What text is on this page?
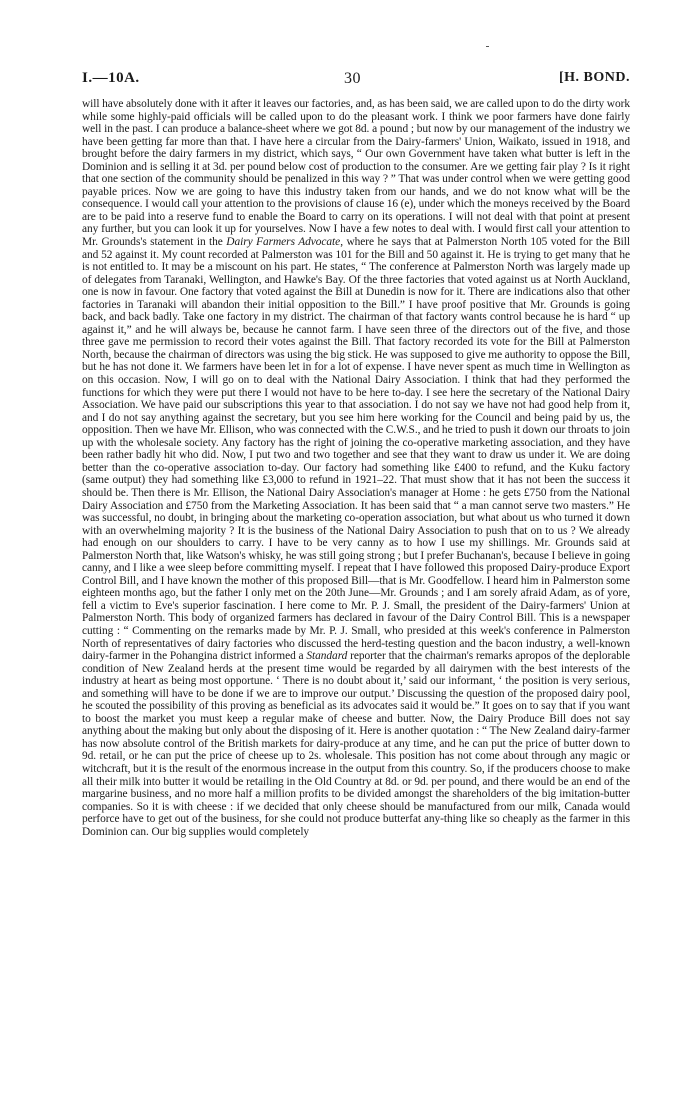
I.—10A.	30	[H. BOND.

will have absolutely done with it after it leaves our factories, and, as has been said, we are called upon to do the dirty work while some highly-paid officials will be called upon to do the pleasant work. I think we poor farmers have done fairly well in the past. I can produce a balance-sheet where we got 8d. a pound ; but now by our management of the industry we have been getting far more than that. I have here a circular from the Dairy-farmers' Union, Waikato, issued in 1918, and brought before the dairy farmers in my district, which says, “ Our own Government have taken what butter is left in the Dominion and is selling it at 3d. per pound below cost of production to the consumer. Are we getting fair play ? Is it right that one section of the community should be penalized in this way ? ” That was under control when we were getting good payable prices. Now we are going to have this industry taken from our hands, and we do not know what will be the consequence. I would call your attention to the provisions of clause 16 (e), under which the moneys received by the Board are to be paid into a reserve fund to enable the Board to carry on its operations. I will not deal with that point at present any further, but you can look it up for yourselves. Now I have a few notes to deal with. I would first call your attention to Mr. Grounds's statement in the Dairy Farmers Advocate, where he says that at Palmerston North 105 voted for the Bill and 52 against it. My count recorded at Palmerston was 101 for the Bill and 50 against it. He is trying to get many that he is not entitled to. It may be a miscount on his part. He states, “ The conference at Palmerston North was largely made up of delegates from Taranaki, Wellington, and Hawke's Bay. Of the three factories that voted against us at North Auckland, one is now in favour. One factory that voted against the Bill at Dunedin is now for it. There are indications also that other factories in Taranaki will abandon their initial opposition to the Bill.” I have proof positive that Mr. Grounds is going back, and back badly. Take one factory in my district. The chairman of that factory wants control because he is hard “ up against it,” and he will always be, because he cannot farm. I have seen three of the directors out of the five, and those three gave me permission to record their votes against the Bill. That factory recorded its vote for the Bill at Palmerston North, because the chairman of directors was using the big stick. He was supposed to give me authority to oppose the Bill, but he has not done it. We farmers have been let in for a lot of expense. I have never spent as much time in Wellington as on this occasion. Now, I will go on to deal with the National Dairy Association. I think that had they performed the functions for which they were put there I would not have to be here to-day. I see here the secretary of the National Dairy Association. We have paid our subscriptions this year to that association. I do not say we have not had good help from it, and I do not say anything against the secretary, but you see him here working for the Council and being paid by us, the opposition. Then we have Mr. Ellison, who was connected with the C.W.S., and he tried to push it down our throats to join up with the wholesale society. Any factory has the right of joining the co-operative marketing association, and they have been rather badly hit who did. Now, I put two and two together and see that they want to draw us under it. We are doing better than the co-operative association to-day. Our factory had something like £400 to refund, and the Kuku factory (same output) they had something like £3,000 to refund in 1921–22. That must show that it has not been the success it should be. Then there is Mr. Ellison, the National Dairy Association's manager at Home : he gets £750 from the National Dairy Association and £750 from the Marketing Association. It has been said that “ a man cannot serve two masters.” He was successful, no doubt, in bringing about the marketing co-operation association, but what about us who turned it down with an overwhelming majority ? It is the business of the National Dairy Association to push that on to us ? We already had enough on our shoulders to carry. I have to be very canny as to how I use my shillings. Mr. Grounds said at Palmerston North that, like Watson's whisky, he was still going strong ; but I prefer Buchanan's, because I believe in going canny, and I like a wee sleep before committing myself. I repeat that I have followed this proposed Dairy-produce Export Control Bill, and I have known the mother of this proposed Bill—that is Mr. Goodfellow. I heard him in Palmerston some eighteen months ago, but the father I only met on the 20th June—Mr. Grounds ; and I am sorely afraid Adam, as of yore, fell a victim to Eve's superior fascination. I here come to Mr. P. J. Small, the president of the Dairy-farmers' Union at Palmerston North. This body of organized farmers has declared in favour of the Dairy Control Bill. This is a newspaper cutting : “ Commenting on the remarks made by Mr. P. J. Small, who presided at this week's conference in Palmerston North of representatives of dairy factories who discussed the herd-testing question and the bacon industry, a well-known dairy-farmer in the Pohangina district informed a Standard reporter that the chairman's remarks apropos of the deplorable condition of New Zealand herds at the present time would be regarded by all dairymen with the best interests of the industry at heart as being most opportune. ‘ There is no doubt about it,’ said our informant, ‘ the position is very serious, and something will have to be done if we are to improve our output.’ Discussing the question of the proposed dairy pool, he scouted the possibility of this proving as beneficial as its advocates said it would be.” It goes on to say that if you want to boost the market you must keep a regular make of cheese and butter. Now, the Dairy Produce Bill does not say anything about the making but only about the disposing of it. Here is another quotation : “ The New Zealand dairy-farmer has now absolute control of the British markets for dairy-produce at any time, and he can put the price of butter down to 9d. retail, or he can put the price of cheese up to 2s. wholesale. This position has not come about through any magic or witchcraft, but it is the result of the enormous increase in the output from this country. So, if the producers choose to make all their milk into butter it would be retailing in the Old Country at 8d. or 9d. per pound, and there would be an end of the margarine business, and no more half a million profits to be divided amongst the shareholders of the big imitation-butter companies. So it is with cheese : if we decided that only cheese should be manufactured from our milk, Canada would perforce have to get out of the business, for she could not produce butterfat any-thing like so cheaply as the farmer in this Dominion can. Our big supplies would completely
